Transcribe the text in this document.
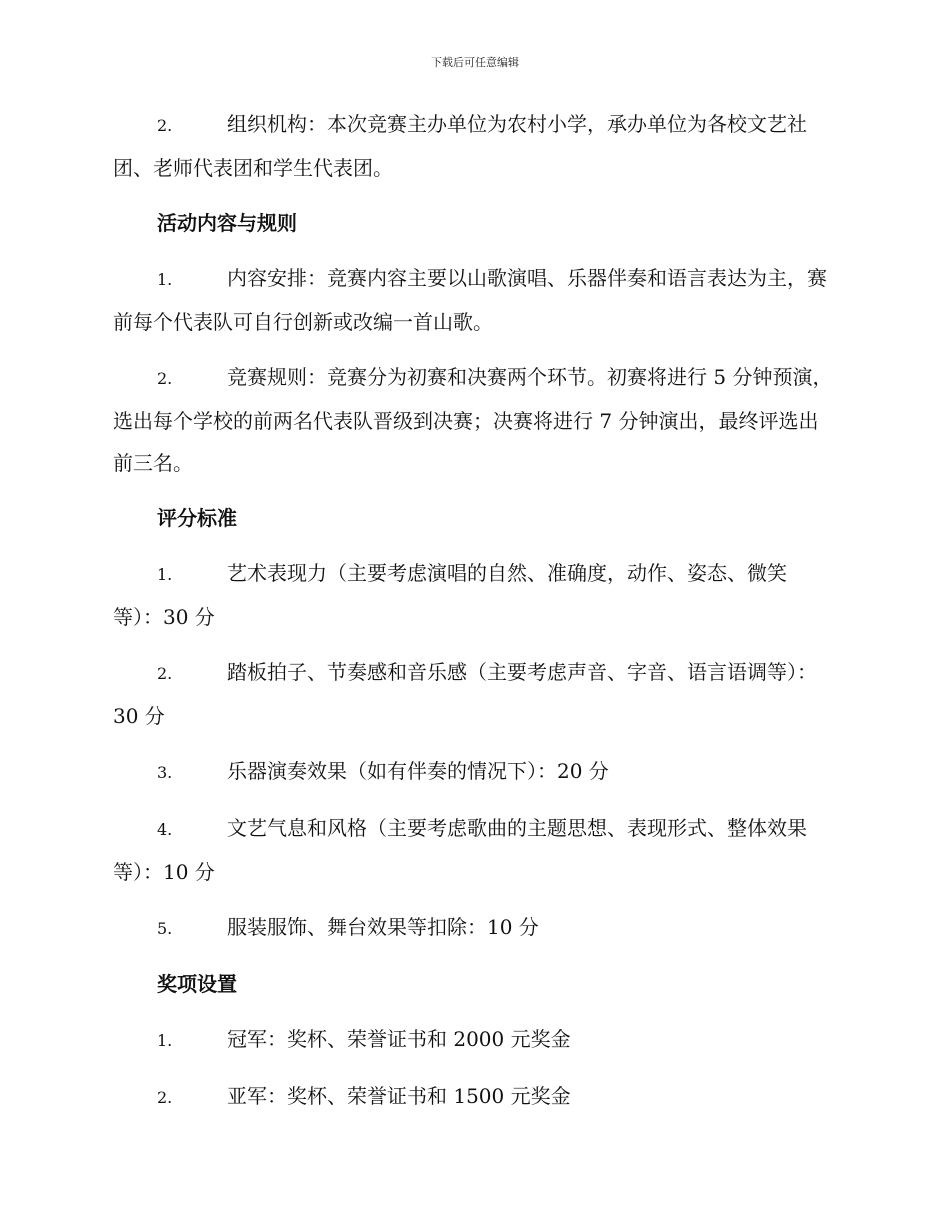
下载后可任意编辑

2.	组织机构：本次竞赛主办单位为农村小学，承办单位为各校文艺社团、老师代表团和学生代表团。

活动内容与规则

1.	内容安排：竞赛内容主要以山歌演唱、乐器伴奏和语言表达为主，赛前每个代表队可自行创新或改编一首山歌。

2.	竞赛规则：竞赛分为初赛和决赛两个环节。初赛将进行 5 分钟预演，选出每个学校的前两名代表队晋级到决赛；决赛将进行 7 分钟演出，最终评选出前三名。

评分标准

1.	艺术表现力（主要考虑演唱的自然、准确度，动作、姿态、微笑等）：30 分

2.	踏板拍子、节奏感和音乐感（主要考虑声音、字音、语言语调等）：30 分

3.	乐器演奏效果（如有伴奏的情况下）：20 分

4.	文艺气息和风格（主要考虑歌曲的主题思想、表现形式、整体效果等）：10 分

5.	服装服饰、舞台效果等扣除：10 分

奖项设置

1.	冠军：奖杯、荣誉证书和 2000 元奖金

2.	亚军：奖杯、荣誉证书和 1500 元奖金
